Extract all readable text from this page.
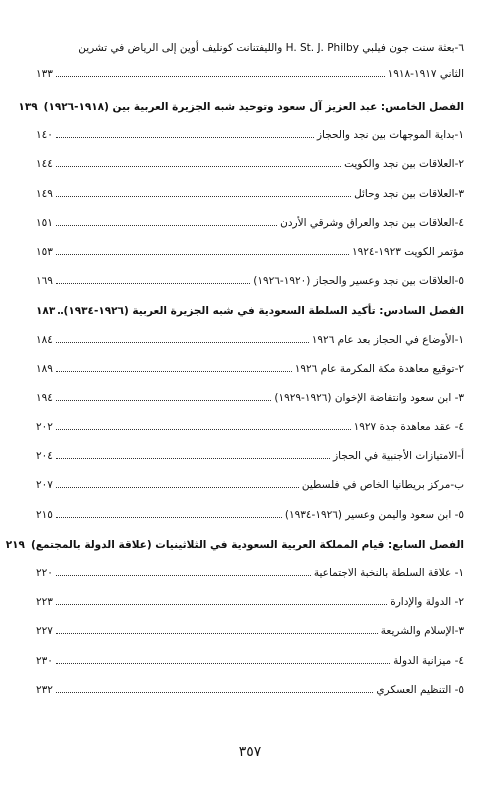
٦-بعثة سنت جون فيلبي H. St. J. Philby والليفتنانت كونليف أوين إلى الرياض في تشرين
الثاني ١٩١٧-١٩١٨
١٣٣
الفصل الخامس: عبد العزيز آل سعود وتوحيد شبه الجزيرة العربية بين (١٩١٨-١٩٢٦)
١٣٩
١-بداية الموجهات بين نجد والحجاز
١٤٠
٢-العلاقات بين نجد والكويت
١٤٤
٣-العلاقات بين نجد وحائل
١٤٩
٤-العلاقات بين نجد والعراق وشرقي الأردن
١٥١
مؤتمر الكويت ١٩٢٣-١٩٢٤
١٥٣
٥-العلاقات بين نجد وعسير والحجاز (١٩٢٠-١٩٢٦)
١٦٩
الفصل السادس: تأكيد السلطة السعودية في شبه الجزيرة العربية (١٩٢٦-١٩٣٤)
١٨٣
١-الأوضاع في الحجاز بعد عام ١٩٢٦
١٨٤
٢-توقيع معاهدة مكة المكرمة عام ١٩٢٦
١٨٩
٣- ابن سعود وانتفاضة الإخوان (١٩٢٦-١٩٢٩)
١٩٤
٤- عقد معاهدة جدة ١٩٢٧
٢٠٢
أ-الامتيازات الأجنبية في الحجاز
٢٠٤
ب-مركز بريطانيا الخاص في فلسطين
٢٠٧
٥- ابن سعود واليمن وعسير (١٩٢٦-١٩٣٤)
٢١٥
الفصل السابع: قيام المملكة العربية السعودية في الثلاثينيات (علاقة الدولة بالمجتمع)
٢١٩
١- علاقة السلطة بالنخبة الاجتماعية
٢٢٠
٢- الدولة والإدارة
٢٢٣
٣-الإسلام والشريعة
٢٢٧
٤- ميزانية الدولة
٢٣٠
٥- التنظيم العسكري
٢٣٢
٣٥٧
